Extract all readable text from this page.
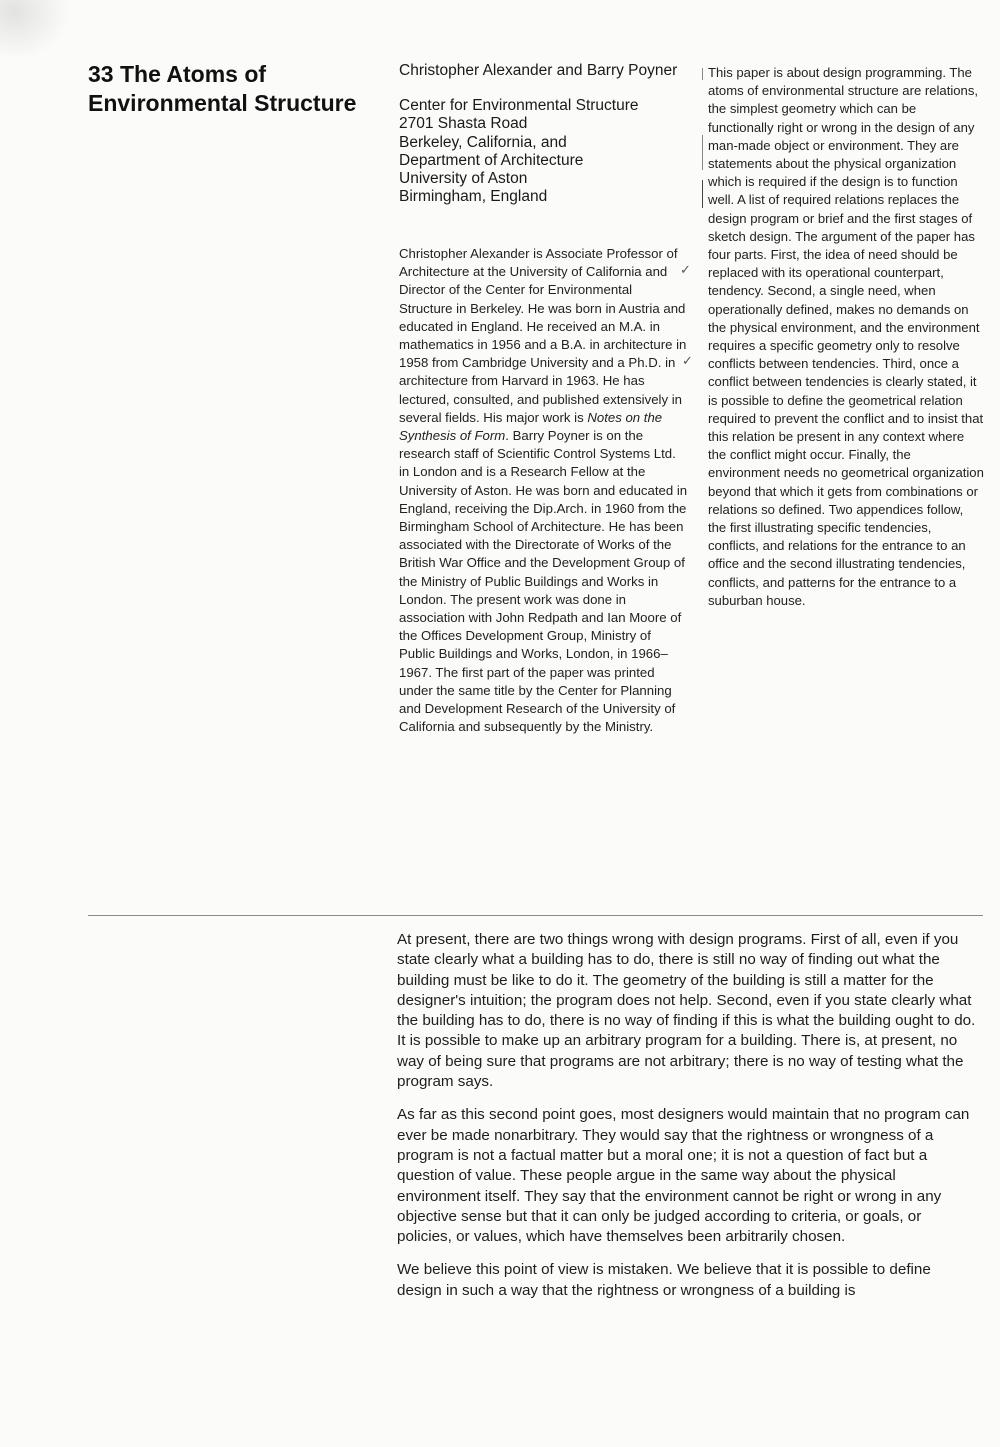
33 The Atoms of Environmental Structure

Christopher Alexander and Barry Poyner

Center for Environmental Structure
2701 Shasta Road
Berkeley, California, and
Department of Architecture
University of Aston
Birmingham, England

Christopher Alexander is Associate Professor of Architecture at the University of California and Director of the Center for Environmental Structure in Berkeley. He was born in Austria and educated in England. He received an M.A. in mathematics in 1956 and a B.A. in architecture in 1958 from Cambridge University and a Ph.D. in architecture from Harvard in 1963. He has lectured, consulted, and published extensively in several fields. His major work is Notes on the Synthesis of Form. Barry Poyner is on the research staff of Scientific Control Systems Ltd. in London and is a Research Fellow at the University of Aston. He was born and educated in England, receiving the Dip.Arch. in 1960 from the Birmingham School of Architecture. He has been associated with the Directorate of Works of the British War Office and the Development Group of the Ministry of Public Buildings and Works in London. The present work was done in association with John Redpath and Ian Moore of the Offices Development Group, Ministry of Public Buildings and Works, London, in 1966–1967. The first part of the paper was printed under the same title by the Center for Planning and Development Research of the University of California and subsequently by the Ministry.

✓
✓

This paper is about design programming. The atoms of environmental structure are relations, the simplest geometry which can be functionally right or wrong in the design of any man-made object or environment. They are statements about the physical organization which is required if the design is to function well. A list of required relations replaces the design program or brief and the first stages of sketch design. The argument of the paper has four parts. First, the idea of need should be replaced with its operational counterpart, tendency. Second, a single need, when operationally defined, makes no demands on the physical environment, and the environment requires a specific geometry only to resolve conflicts between tendencies. Third, once a conflict between tendencies is clearly stated, it is possible to define the geometrical relation required to prevent the conflict and to insist that this relation be present in any context where the conflict might occur. Finally, the environment needs no geometrical organization beyond that which it gets from combinations or relations so defined. Two appendices follow, the first illustrating specific tendencies, conflicts, and relations for the entrance to an office and the second illustrating tendencies, conflicts, and patterns for the entrance to a suburban house.

At present, there are two things wrong with design programs. First of all, even if you state clearly what a building has to do, there is still no way of finding out what the building must be like to do it. The geometry of the building is still a matter for the designer's intuition; the program does not help. Second, even if you state clearly what the building has to do, there is no way of finding if this is what the building ought to do. It is possible to make up an arbitrary program for a building. There is, at present, no way of being sure that programs are not arbitrary; there is no way of testing what the program says.

As far as this second point goes, most designers would maintain that no program can ever be made nonarbitrary. They would say that the rightness or wrongness of a program is not a factual matter but a moral one; it is not a question of fact but a question of value. These people argue in the same way about the physical environment itself. They say that the environment cannot be right or wrong in any objective sense but that it can only be judged according to criteria, or goals, or policies, or values, which have themselves been arbitrarily chosen.

We believe this point of view is mistaken. We believe that it is possible to define design in such a way that the rightness or wrongness of a building is
